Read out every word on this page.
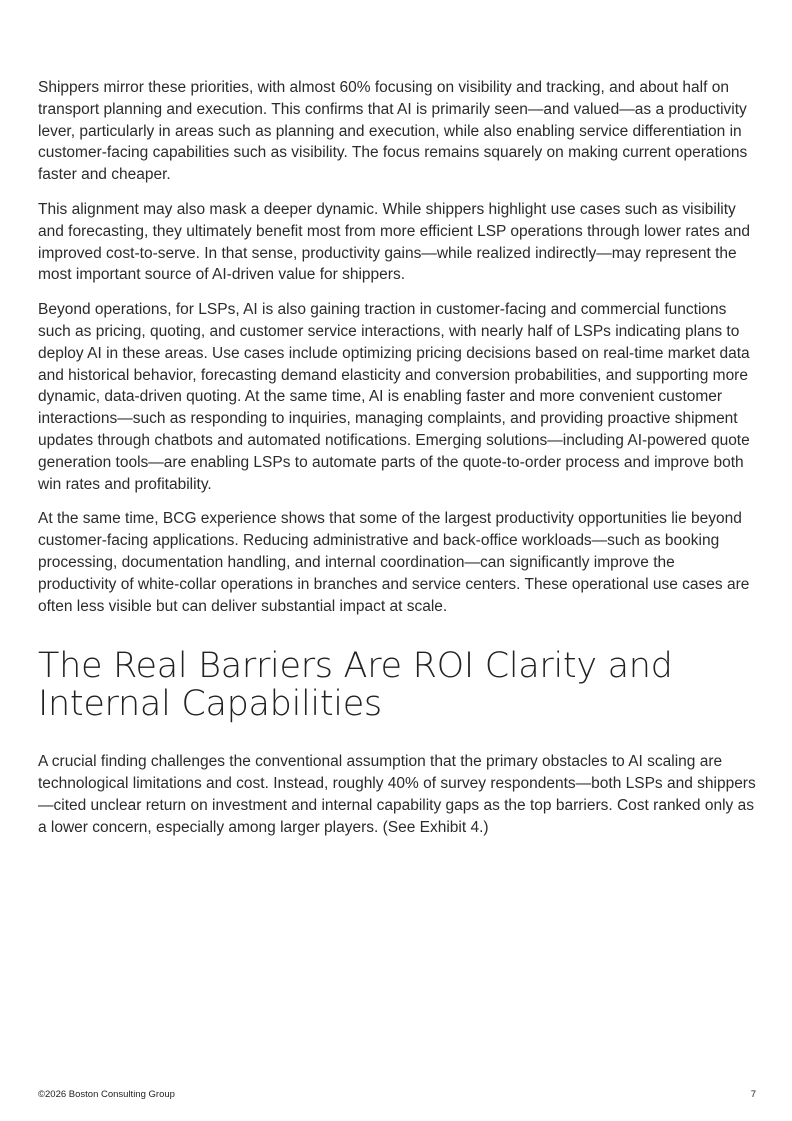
Shippers mirror these priorities, with almost 60% focusing on visibility and tracking, and about half on transport planning and execution. This confirms that AI is primarily seen—and valued—as a productivity lever, particularly in areas such as planning and execution, while also enabling service differentiation in customer-facing capabilities such as visibility. The focus remains squarely on making current operations faster and cheaper.

This alignment may also mask a deeper dynamic. While shippers highlight use cases such as visibility and forecasting, they ultimately benefit most from more efficient LSP operations through lower rates and improved cost-to-serve. In that sense, productivity gains—while realized indirectly—may represent the most important source of AI-driven value for shippers.

Beyond operations, for LSPs, AI is also gaining traction in customer-facing and commercial functions such as pricing, quoting, and customer service interactions, with nearly half of LSPs indicating plans to deploy AI in these areas. Use cases include optimizing pricing decisions based on real-time market data and historical behavior, forecasting demand elasticity and conversion probabilities, and supporting more dynamic, data-driven quoting. At the same time, AI is enabling faster and more convenient customer interactions—such as responding to inquiries, managing complaints, and providing proactive shipment updates through chatbots and automated notifications. Emerging solutions—including AI-powered quote generation tools—are enabling LSPs to automate parts of the quote-to-order process and improve both win rates and profitability.

At the same time, BCG experience shows that some of the largest productivity opportunities lie beyond customer-facing applications. Reducing administrative and back-office workloads—such as booking processing, documentation handling, and internal coordination—can significantly improve the productivity of white-collar operations in branches and service centers. These operational use cases are often less visible but can deliver substantial impact at scale.

The Real Barriers Are ROI Clarity and Internal Capabilities

A crucial finding challenges the conventional assumption that the primary obstacles to AI scaling are technological limitations and cost. Instead, roughly 40% of survey respondents—both LSPs and shippers—cited unclear return on investment and internal capability gaps as the top barriers. Cost ranked only as a lower concern, especially among larger players. (See Exhibit 4.)

©2026 Boston Consulting Group	7
